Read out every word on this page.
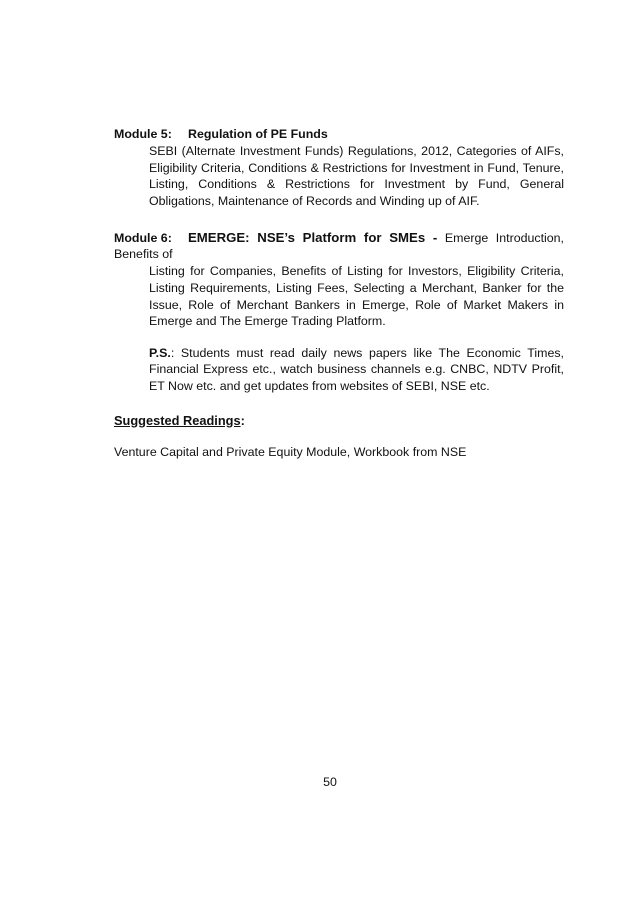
Module 5: Regulation of PE Funds
SEBI (Alternate Investment Funds) Regulations, 2012, Categories of AIFs, Eligibility Criteria, Conditions & Restrictions for Investment in Fund, Tenure, Listing, Conditions & Restrictions for Investment by Fund, General Obligations, Maintenance of Records and Winding up of AIF.
Module 6: EMERGE: NSE’s Platform for SMEs - Emerge Introduction, Benefits of
Listing for Companies, Benefits of Listing for Investors, Eligibility Criteria, Listing Requirements, Listing Fees, Selecting a Merchant, Banker for the Issue, Role of Merchant Bankers in Emerge, Role of Market Makers in Emerge and The Emerge Trading Platform.
P.S.: Students must read daily news papers like The Economic Times, Financial Express etc., watch business channels e.g. CNBC, NDTV Profit, ET Now etc. and get updates from websites of SEBI, NSE etc.
Suggested Readings:
Venture Capital and Private Equity Module, Workbook from NSE
50
